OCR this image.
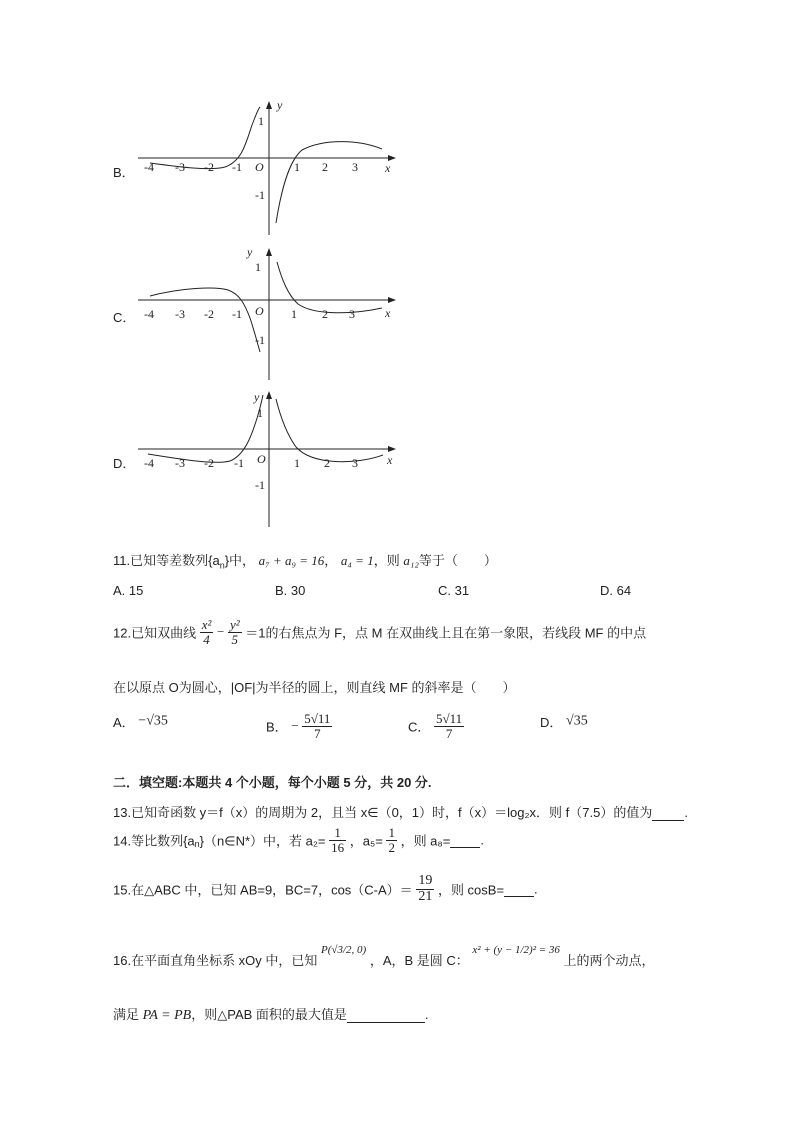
B．
y
x
O
-4 -3 -2 -1	1 2 3
1
-1
C．
y
x
O
-4 -3 -2 -1	1 2 3
1
-1
D．
y
x
O
-4 -3 -2 -1	1 2 3
1
-1
11.已知等差数列$\{a_n\}$中， a₇ + a₉ = 16， a₄ = 1，则 a₁₂等于（　　）
A. 15	B. 30	C. 31	D. 64
12.已知双曲线 $\frac{\text{x²}}{4} - \frac{\text{y²}}{5} =1$的右焦点为 F，点 M 在双曲线上且在第一象限，若线段 MF 的中点
在以原点 O为圆心，|OF|为半径的圆上，则直线 MF 的斜率是（　　）
A． −√35	B． − $\frac{5√11}{7}$	C． $\frac{5√11}{7}$	D． √35
二．填空题:本题共 4 个小题，每个小题 5 分，共 20 分.
13.已知奇函数 y＝f（x）的周期为 2，且当 x∈（0，1）时，f（x）＝log₂x．则 f（7.5）的值为 .
14.等比数列$\{a_n\}(n\in N*)$中，若 $a_2= \frac{1}{16}$ ，$a_5= \frac{1}{2}$ ，则 a₈= .
15.在△ABC 中，已知 AB=9，BC=7，$\cos(C-A)= \frac{19}{21}$ ，则 cosB= .
16.在平面直角坐标系 xOy 中，已知 $^{P(√3/2, 0)}$ ，A，B 是圆 C： $^{x^2 + (y - 1/2)^2 = 36}$ 上的两个动点，
满足 PA = PB，则△PAB 面积的最大值是	.
